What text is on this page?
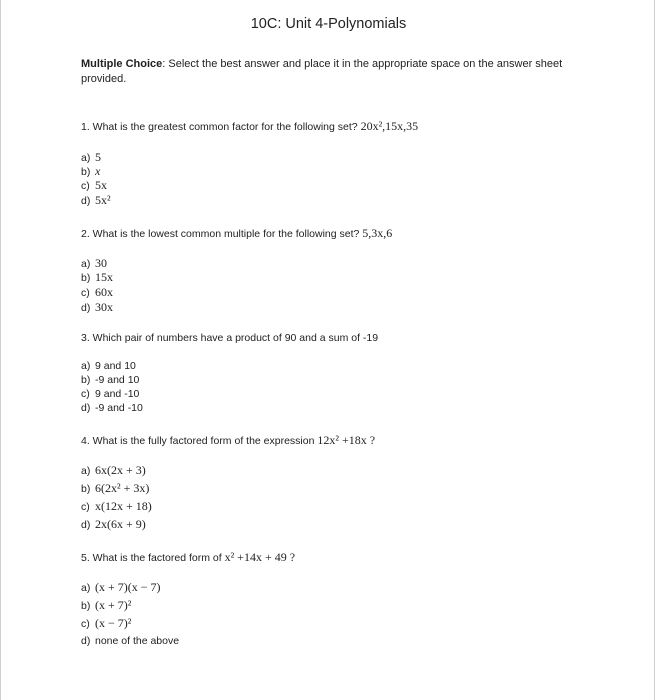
10C: Unit 4-Polynomials
Multiple Choice: Select the best answer and place it in the appropriate space on the answer sheet provided.
1. What is the greatest common factor for the following set? 20x²,15x,35
a) 5
b) x
c) 5x
d) 5x²
2. What is the lowest common multiple for the following set? 5,3x,6
a) 30
b) 15x
c) 60x
d) 30x
3. Which pair of numbers have a product of 90 and a sum of -19
a) 9 and 10
b) -9 and 10
c) 9 and -10
d) -9 and -10
4. What is the fully factored form of the expression 12x² +18x ?
a) 6x(2x + 3)
b) 6(2x² + 3x)
c) x(12x + 18)
d) 2x(6x + 9)
5. What is the factored form of x² +14x + 49 ?
a) (x + 7)(x − 7)
b) (x + 7)²
c) (x − 7)²
d) none of the above
